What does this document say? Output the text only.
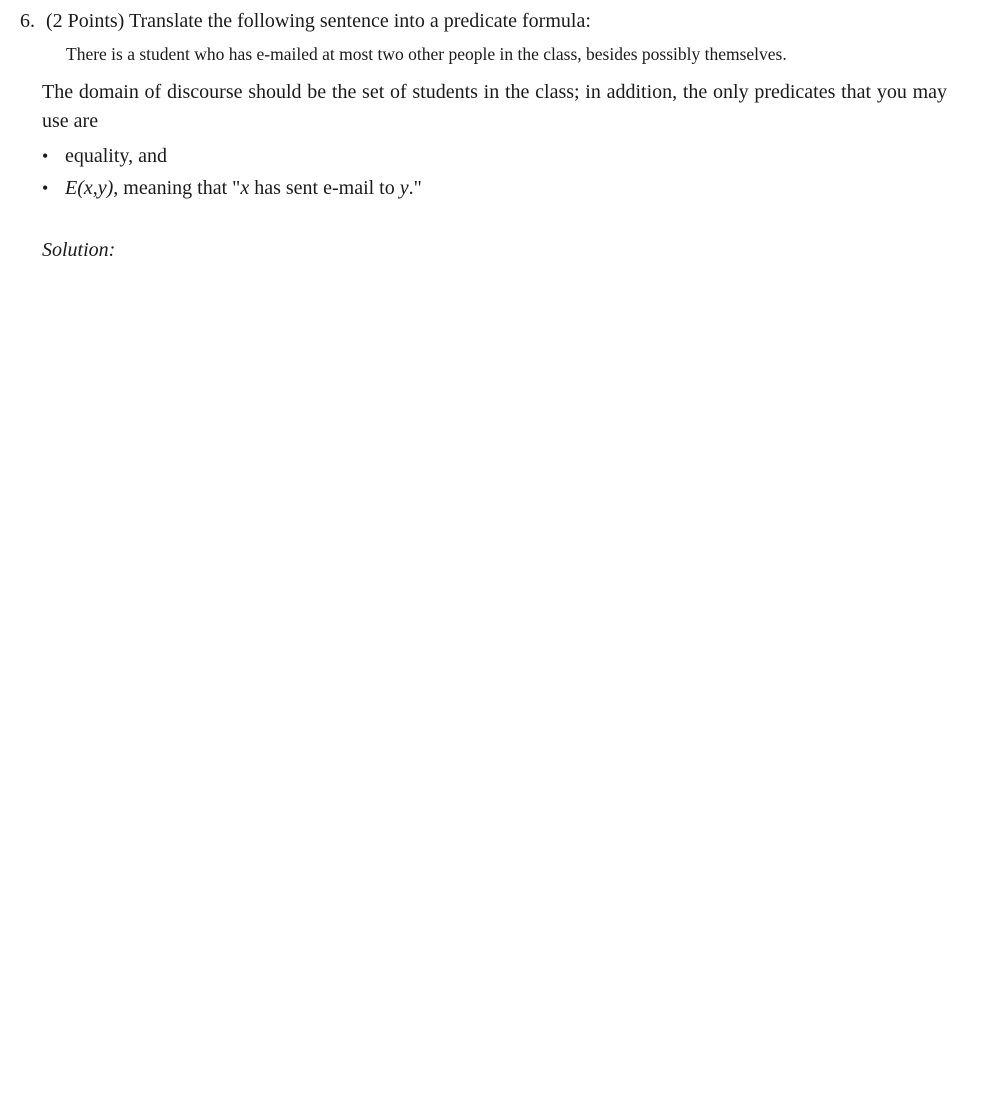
6. (2 Points) Translate the following sentence into a predicate formula:
There is a student who has e-mailed at most two other people in the class, besides possibly themselves.
The domain of discourse should be the set of students in the class; in addition, the only predicates that you may use are
• equality, and
• E(x,y), meaning that "x has sent e-mail to y."
Solution:
